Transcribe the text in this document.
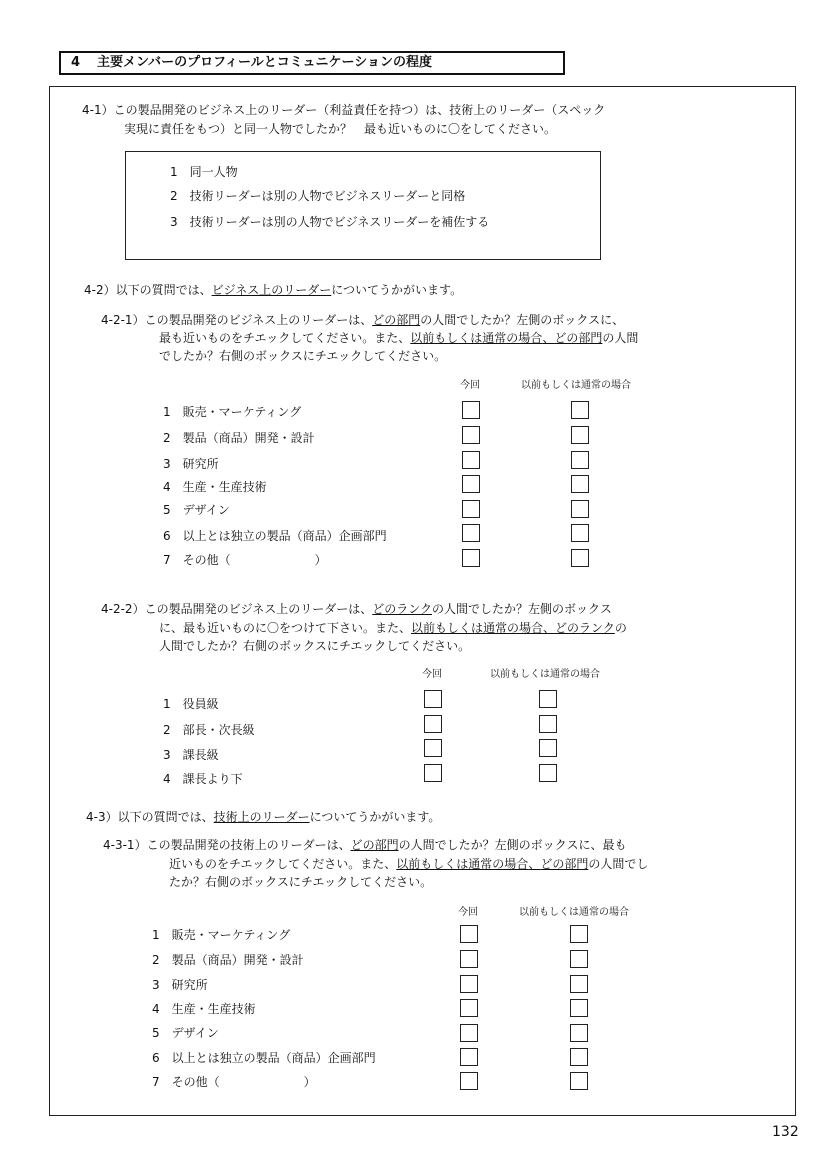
4 主要メンバーのプロフィールとコミュニケーションの程度
4-1）この製品開発のビジネス上のリーダー（利益責任を持つ）は、技術上のリーダー（スペック
実現に責任をもつ）と同一人物でしたか？　最も近いものに〇をしてください。
1　同一人物
2　技術リーダーは別の人物でビジネスリーダーと同格
3　技術リーダーは別の人物でビジネスリーダーを補佐する
4-2）以下の質問では、ビジネス上のリーダーについてうかがいます。
4-2-1）この製品開発のビジネス上のリーダーは、どの部門の人間でしたか？左側のボックスに、
最も近いものをチエックしてください。また、以前もしくは通常の場合、どの部門の人間
でしたか？右側のボックスにチエックしてください。
今回	以前もしくは通常の場合
1　販売・マーケティング
2　製品（商品）開発・設計
3　研究所
4　生産・生産技術
5　デザイン
6　以上とは独立の製品（商品）企画部門
7　その他（　　　　　　　）
4-2-2）この製品開発のビジネス上のリーダーは、どのランクの人間でしたか？左側のボックス
に、最も近いものに〇をつけて下さい。また、以前もしくは通常の場合、どのランクの
人間でしたか？右側のボックスにチエックしてください。
今回	以前もしくは通常の場合
1　役員級
2　部長・次長級
3　課長級
4　課長より下
4-3）以下の質問では、技術上のリーダーについてうかがいます。
4-3-1）この製品開発の技術上のリーダーは、どの部門の人間でしたか？左側のボックスに、最も
近いものをチエックしてください。また、以前もしくは通常の場合、どの部門の人間でし
たか？右側のボックスにチエックしてください。
今回	以前もしくは通常の場合
1　販売・マーケティング
2　製品（商品）開発・設計
3　研究所
4　生産・生産技術
5　デザイン
6　以上とは独立の製品（商品）企画部門
7　その他（　　　　　　　）
132
